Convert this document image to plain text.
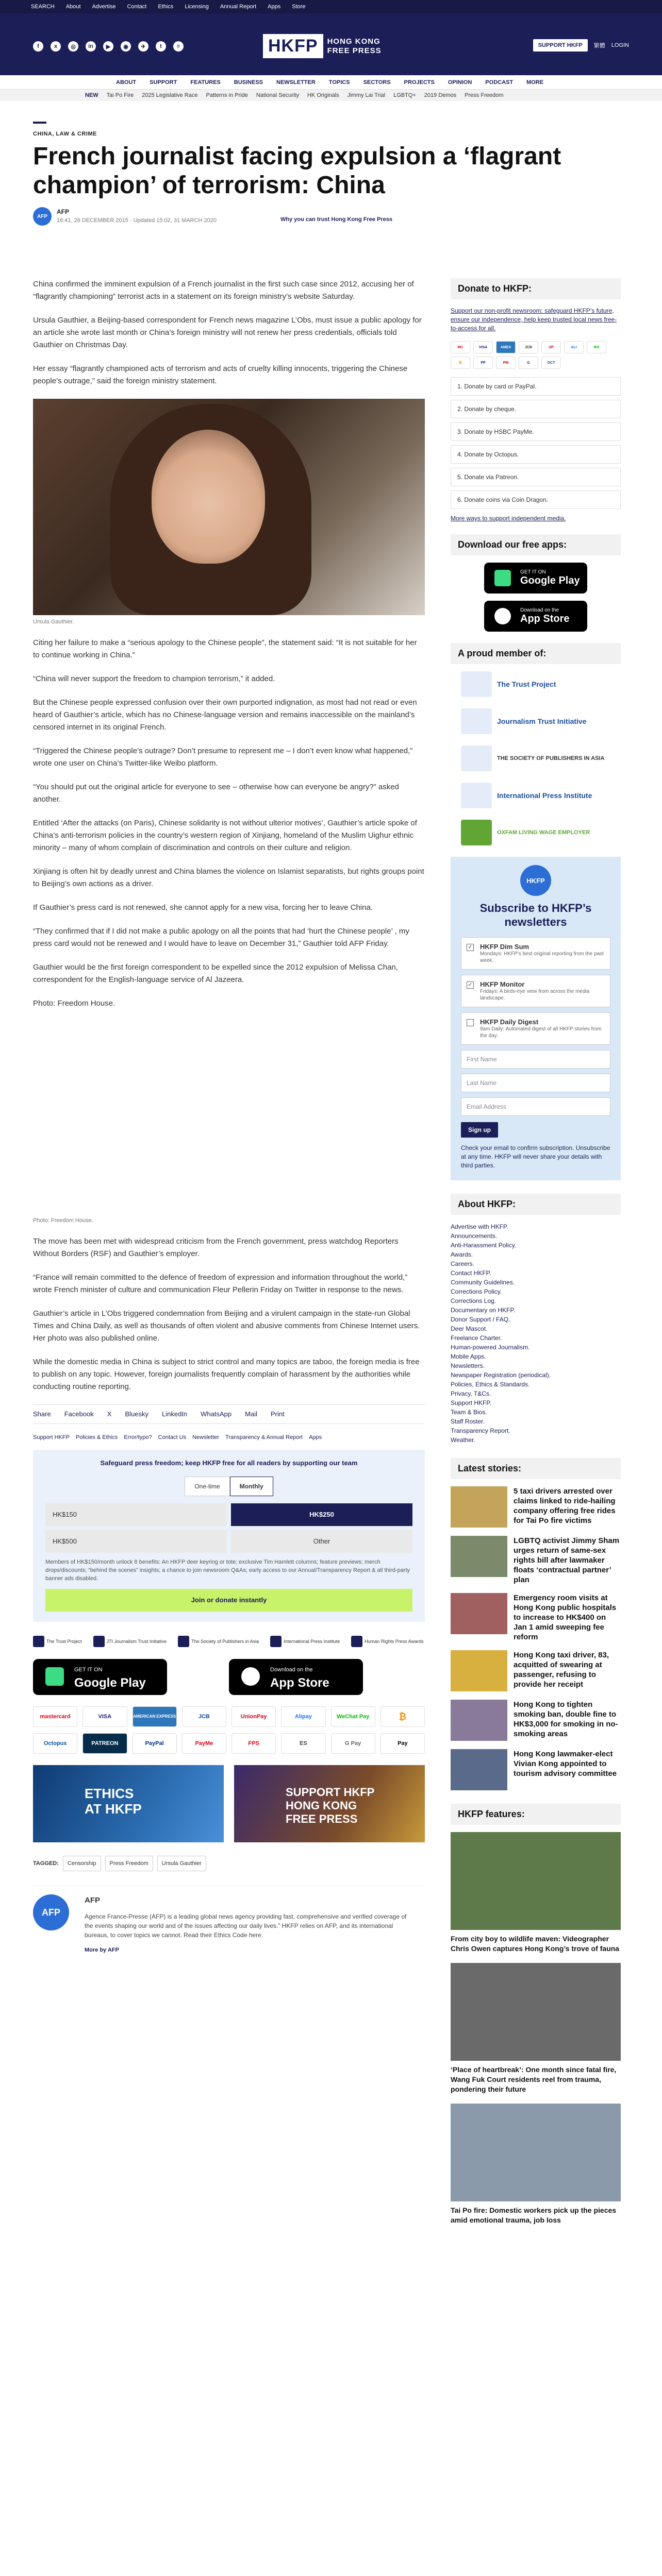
SEARCH About Advertise Contact Ethics Licensing Annual Report Apps Store
f	x	◎	in	▶	◉	✈	t	≡	HKFP	HONG KONG
FREE PRESS
SUPPORT HKFP	繁體 LOGIN
ABOUT SUPPORT FEATURES BUSINESS NEWSLETTER TOPICS SECTORS PROJECTS OPINION PODCAST MORE
NEW Tai Po Fire 2025 Legislative Race Patterns in Pride National Security HK Originals Jimmy Lai Trial LGBTQ+ 2019 Demos Press Freedom
CHINA, LAW & CRIME
French journalist facing expulsion a ‘flagrant champion’ of terrorism: China
AFP
AFP
16:41, 26 DECEMBER 2015 · Updated 15:02, 31 MARCH 2020	Why you can trust Hong Kong Free Press

China confirmed the imminent expulsion of a French journalist in the first such case since 2012, accusing her of “flagrantly championing” terrorist acts in a statement on its foreign ministry’s website Saturday.

Ursula Gauthier, a Beijing-based correspondent for French news magazine L’Obs, must issue a public apology for an article she wrote last month or China’s foreign ministry will not renew her press credentials, officials told Gauthier on Christmas Day.

Her essay “flagrantly championed acts of terrorism and acts of cruelty killing innocents, triggering the Chinese people’s outrage,” said the foreign ministry statement.

Ursula Gauthier.

Citing her failure to make a “serious apology to the Chinese people”, the statement said: “It is not suitable for her to continue working in China.”

“China will never support the freedom to champion terrorism,” it added.

But the Chinese people expressed confusion over their own purported indignation, as most had not read or even heard of Gauthier’s article, which has no Chinese-language version and remains inaccessible on the mainland’s censored internet in its original French.

“Triggered the Chinese people’s outrage? Don’t presume to represent me – I don’t even know what happened,” wrote one user on China’s Twitter-like Weibo platform.

“You should put out the original article for everyone to see – otherwise how can everyone be angry?” asked another.

Entitled ‘After the attacks (on Paris), Chinese solidarity is not without ulterior motives’, Gauthier’s article spoke of China’s anti-terrorism policies in the country’s western region of Xinjiang, homeland of the Muslim Uighur ethnic minority – many of whom complain of discrimination and controls on their culture and religion.

Xinjiang is often hit by deadly unrest and China blames the violence on Islamist separatists, but rights groups point to Beijing’s own actions as a driver.

If Gauthier’s press card is not renewed, she cannot apply for a new visa, forcing her to leave China.

“They confirmed that if I did not make a public apology on all the points that had ‘hurt the Chinese people’ , my press card would not be renewed and I would have to leave on December 31,” Gauthier told AFP Friday.

Gauthier would be the first foreign correspondent to be expelled since the 2012 expulsion of Melissa Chan, correspondent for the English-language service of Al Jazeera.

Photo: Freedom House.
Photo: Freedom House.

The move has been met with widespread criticism from the French government, press watchdog Reporters Without Borders (RSF) and Gauthier’s employer.

“France will remain committed to the defence of freedom of expression and information throughout the world,” wrote French minister of culture and communication Fleur Pellerin Friday on Twitter in response to the news.

Gauthier’s article in L’Obs triggered condemnation from Beijing and a virulent campaign in the state-run Global Times and China Daily, as well as thousands of often violent and abusive comments from Chinese Internet users. Her photo was also published online.

While the domestic media in China is subject to strict control and many topics are taboo, the foreign media is free to publish on any topic. However, foreign journalists frequently complain of harassment by the authorities while conducting routine reporting.

Share Facebook X Bluesky LinkedIn WhatsApp Mail Print
Support HKFP Policies & Ethics Error/typo? Contact Us Newsletter Transparency & Annual Report Apps
Safeguard press freedom; keep HKFP free for all readers by supporting our team
One-time	Monthly
HK$150	HK$250
HK$500	Other
Members of HK$150/month unlock 8 benefits: An HKFP deer keyring or tote; exclusive Tim Hamlett columns; feature previews; merch drops/discounts; “behind the scenes” insights; a chance to join newsroom Q&As; early access to our Annual/Transparency Report & all third-party banner ads disabled.
Join or donate instantly
The Trust Project	JTI Journalism Trust Initiative	The Society of Publishers in Asia	International Press Institute	Human Rights Press Awards
GET IT ON
Google Play
Download on the
App Store
mastercard	VISA	AMERICAN EXPRESS	JCB	UnionPay	Alipay	WeChat Pay	₿
Octopus	PATREON	PayPal	PayMe	FPS	ES	G Pay	Pay
ETHICS
AT HKFP
SUPPORT HKFP
HONG KONG
FREE PRESS
TAGGED:	Censorship	Press Freedom	Ursula Gauthier
AFP
AFP
Agence France-Presse (AFP) is a leading global news agency providing fast, comprehensive and verified coverage of the events shaping our world and of the issues affecting our daily lives.” HKFP relies on AFP, and its international bureaus, to cover topics we cannot. Read their Ethics Code here.
More by AFP
Donate to HKFP:
Support our non-profit newsroom: safeguard HKFP’s future, ensure our independence, help keep trusted local news free-to-access for all.
MC	VISA	AMEX	JCB	UP	ALI	WX
₿	PP	PM	G	OCT
1. Donate by card or PayPal.
2. Donate by cheque.
3. Donate by HSBC PayMe.
4. Donate by Octopus.
5. Donate via Patreon.
6. Donate coins via Coin Dragon.
More ways to support independent media.
Download our free apps:
GET IT ON
Google Play
Download on the
App Store
A proud member of:
The Trust Project
Journalism Trust Initiative
THE SOCIETY OF PUBLISHERS IN ASIA
International Press Institute
OXFAM LIVING WAGE EMPLOYER
HKFP
Subscribe to HKFP’s newsletters
✓ HKFP Dim Sum
Mondays: HKFP’s best original reporting from the past week.
✓ HKFP Monitor
Fridays: A birds-eye view from across the media landscape.
HKFP Daily Digest
9am Daily: Automated digest of all HKFP stories from the day.
First Name
Last Name
Email Address
Sign up
Check your email to confirm subscription. Unsubscribe at any time. HKFP will never share your details with third parties.
About HKFP:
Advertise with HKFP.
Announcements.
Anti-Harassment Policy.
Awards.
Careers.
Contact HKFP.
Community Guidelines.
Corrections Policy.
Corrections Log.
Documentary on HKFP.
Donor Support / FAQ.
Deer Mascot.
Freelance Charter.
Human-powered Journalism.
Mobile Apps.
Newsletters.
Newspaper Registration (periodical).
Policies, Ethics & Standards.
Privacy, T&Cs.
Support HKFP.
Team & Bios.
Staff Roster.
Transparency Report.
Weather.
Latest stories:
5 taxi drivers arrested over claims linked to ride-hailing company offering free rides for Tai Po fire victims
LGBTQ activist Jimmy Sham urges return of same-sex rights bill after lawmaker floats ‘contractual partner’ plan
Emergency room visits at Hong Kong public hospitals to increase to HK$400 on Jan 1 amid sweeping fee reform
Hong Kong taxi driver, 83, acquitted of swearing at passenger, refusing to provide her receipt
Hong Kong to tighten smoking ban, double fine to HK$3,000 for smoking in no-smoking areas
Hong Kong lawmaker-elect Vivian Kong appointed to tourism advisory committee
HKFP features:
From city boy to wildlife maven: Videographer Chris Owen captures Hong Kong’s trove of fauna
‘Place of heartbreak’: One month since fatal fire, Wang Fuk Court residents reel from trauma, pondering their future
Tai Po fire: Domestic workers pick up the pieces amid emotional trauma, job loss
